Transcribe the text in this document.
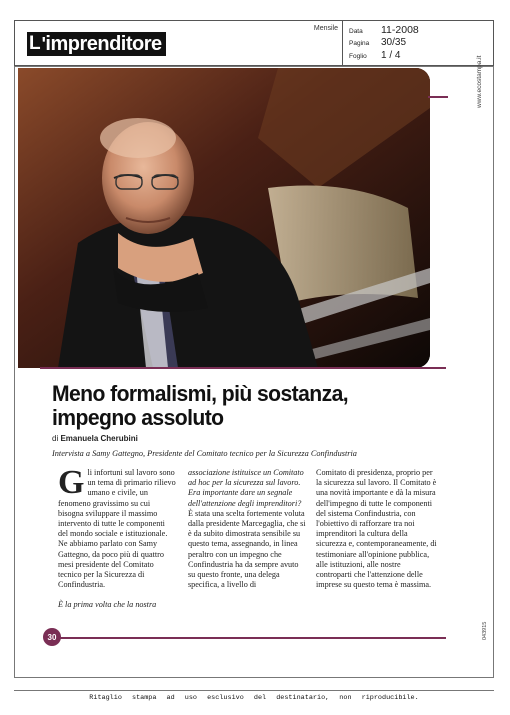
L ' imprenditore
Mensile Data	11-2008
Pagina	30/35
Foglio	1 / 4
www.ecostampa.it
043915
Meno formalismi, più sostanza,
impegno assoluto
di Emanuela Cherubini
Intervista a Samy Gattegno, Presidente del Comitato tecnico per la Sicurezza Confindustria

Gli infortuni sul lavoro sono un tema di primario rilievo umano e civile, un fenomeno gravissimo su cui bisogna sviluppare il massimo intervento di tutte le componenti del mondo sociale e istituzionale. Ne abbiamo parlato con Samy Gattegno, da poco più di quattro mesi presidente del Comitato tecnico per la Sicurezza di Confindustria.

È la prima volta che la nostra

associazione istituisce un Comitato ad hoc per la sicurezza sul lavoro. Era importante dare un segnale dell'attenzione degli imprenditori?

È stata una scelta fortemente voluta dalla presidente Marcegaglia, che si è da subito dimostrata sensibile su questo tema, assegnando, in linea peraltro con un impegno che Confindustria ha da sempre avuto su questo fronte, una delega specifica, a livello di

Comitato di presidenza, proprio per la sicurezza sul lavoro. Il Comitato è una novità importante e dà la misura dell'impegno di tutte le componenti del sistema Confindustria, con l'obiettivo di rafforzare tra noi imprenditori la cultura della sicurezza e, contemporaneamente, di testimoniare all'opinione pubblica, alle istituzioni, alle nostre controparti che l'attenzione delle imprese su questo tema è massima.

30
Ritaglio stampa ad uso esclusivo del destinatario, non riproducibile.
